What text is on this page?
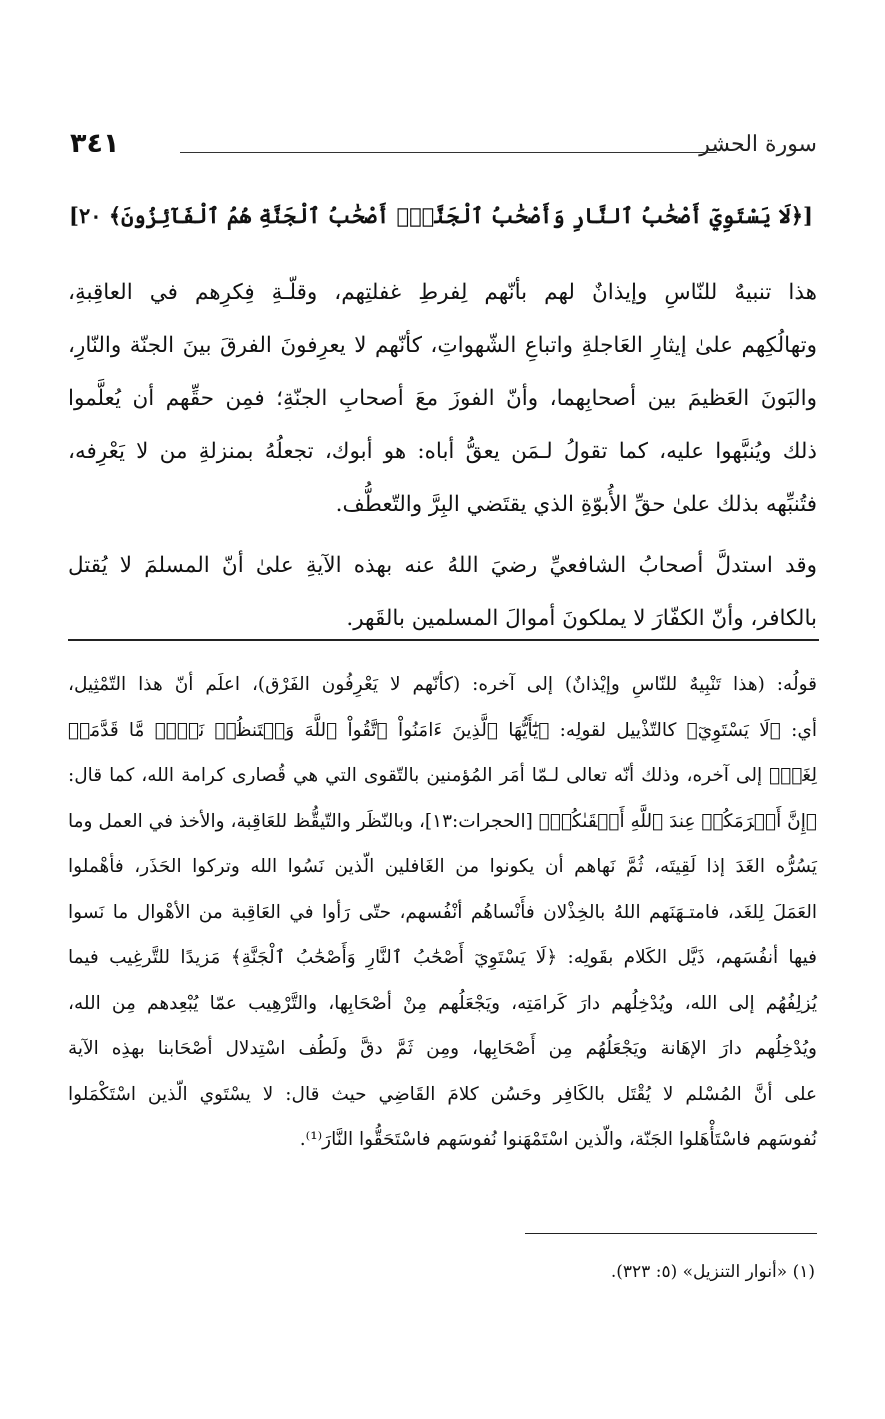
سورة الحشر
٣٤١
[﴿لَا يَسْتَوِيٓ أَصْحَٰبُ ٱلنَّارِ وَأَصْحَٰبُ ٱلْجَنَّةِۚ أَصْحَٰبُ ٱلْجَنَّةِ هُمُ ٱلْفَآئِزُونَ﴾ ٢٠]

هذا تنبيهٌ للنّاسِ وإيذانٌ لهم بأنّهم لِفرطِ غفلتِهم، وقلّـةِ فِكرِهم في العاقِبةِ،
وتهالُكِهم علىٰ إيثارِ العَاجلةِ واتباعِ الشّهواتِ، كأنّهم لا يعرِفونَ الفرقَ بينَ الجنّة والنّارِ،
والبَونَ العَظيمَ بين أصحابِهما، وأنّ الفوزَ معَ أصحابِ الجنّةِ؛ فمِن حقِّهم أن يُعلَّموا
ذلك ويُنبَّهوا عليه، كما تقولُ لـمَن يعقُّ أباه: هو أبوك، تجعلُهُ بمنزلةِ من لا يَعْرِفه،
فتُنبِّهه بذلك علىٰ حقِّ الأُبوّةِ الذي يقتَضي البِرَّ والتّعطُّف.

وقد استدلَّ أصحابُ الشافعيِّ رضيَ اللهُ عنه بهذه الآيةِ علىٰ أنّ المسلمَ لا يُقتل
بالكافر، وأنّ الكفّارَ لا يملكونَ أموالَ المسلمين بالقَهر.

قولُه: (هذا تَنْبِيهٌ للنّاسِ وإيْذانٌ) إلى آخره: (كأنّهم لا يَعْرِفُون الفَرْق)، اعلَم أنّ هذا التّمْثِيل،
أي: ﴿لَا يَسْتَوِيٓ﴾ كالتّذْييل لقولِه: ﴿يَٰٓأَيُّهَا ٱلَّذِينَ ءَامَنُواْ ٱتَّقُواْ ٱللَّهَ وَلۡتَنظُرۡ نَفۡسٞ مَّا قَدَّمَتۡ
لِغَدٖ﴾ إلى آخره، وذلك أنّه تعالى لـمّا أمَر المُؤمنين بالتّقوى التي هي قُصارى كرامة الله، كما قال:
﴿إِنَّ أَكۡرَمَكُمۡ عِندَ ٱللَّهِ أَتۡقَىٰكُمۡ﴾ [الحجرات:١٣]، وبالنّظَر والتّيقُّظ للعَاقِبة، والأخذ في العمل وما
يَسُرُّه الغَدَ إذا لَقِيتَه، ثُمَّ نَهاهم أن يكونوا من الغَافلين الّذين نَسُوا الله وتركوا الحَذَر، فأهْملوا
العَمَلَ لِلغَد، فامتـهَنَهم اللهُ بالخِذْلان فأَنْساهُم أنْفُسهم، حتّى رَأوا في العَاقِبة من الأهْوال ما نَسوا
فيها أنفُسَهم، ذَيَّل الكَلام بقَولِه: ﴿لَا يَسْتَوِيٓ أَصْحَٰبُ ٱلنَّارِ وَأَصْحَٰبُ ٱلْجَنَّةِ﴾ مَزيدًا للتَّرغِيب فيما
يُزلِفُهُم إلى الله، ويُدْخِلُهم دارَ كَرامَتِه، ويَجْعَلُهم مِنْ أصْحَابِها، والتَّرْهِيب عمّا يُبْعِدهم مِن الله،
ويُدْخِلُهم دارَ الإهَانة ويَجْعَلُهُم مِن أَصْحَابِها، ومِن ثَمَّ دقَّ ولَطُف اسْتِدلال أصْحَابنا بهذِه الآية
على أنَّ المُسْلم لا يُقْتَل بالكَافِر وحَسُن كلامَ القَاضِي حيث قال: لا يسْتَوي الّذين اسْتَكْمَلوا
نُفوسَهم فاسْتَأْهَلوا الجَنّة، والّذين اسْتَمْهَنوا نُفوسَهم فاسْتَحَقُّوا النَّارَ⁽¹⁾.
(١) «أنوار التنزيل» (٥: ٣٢٣).
